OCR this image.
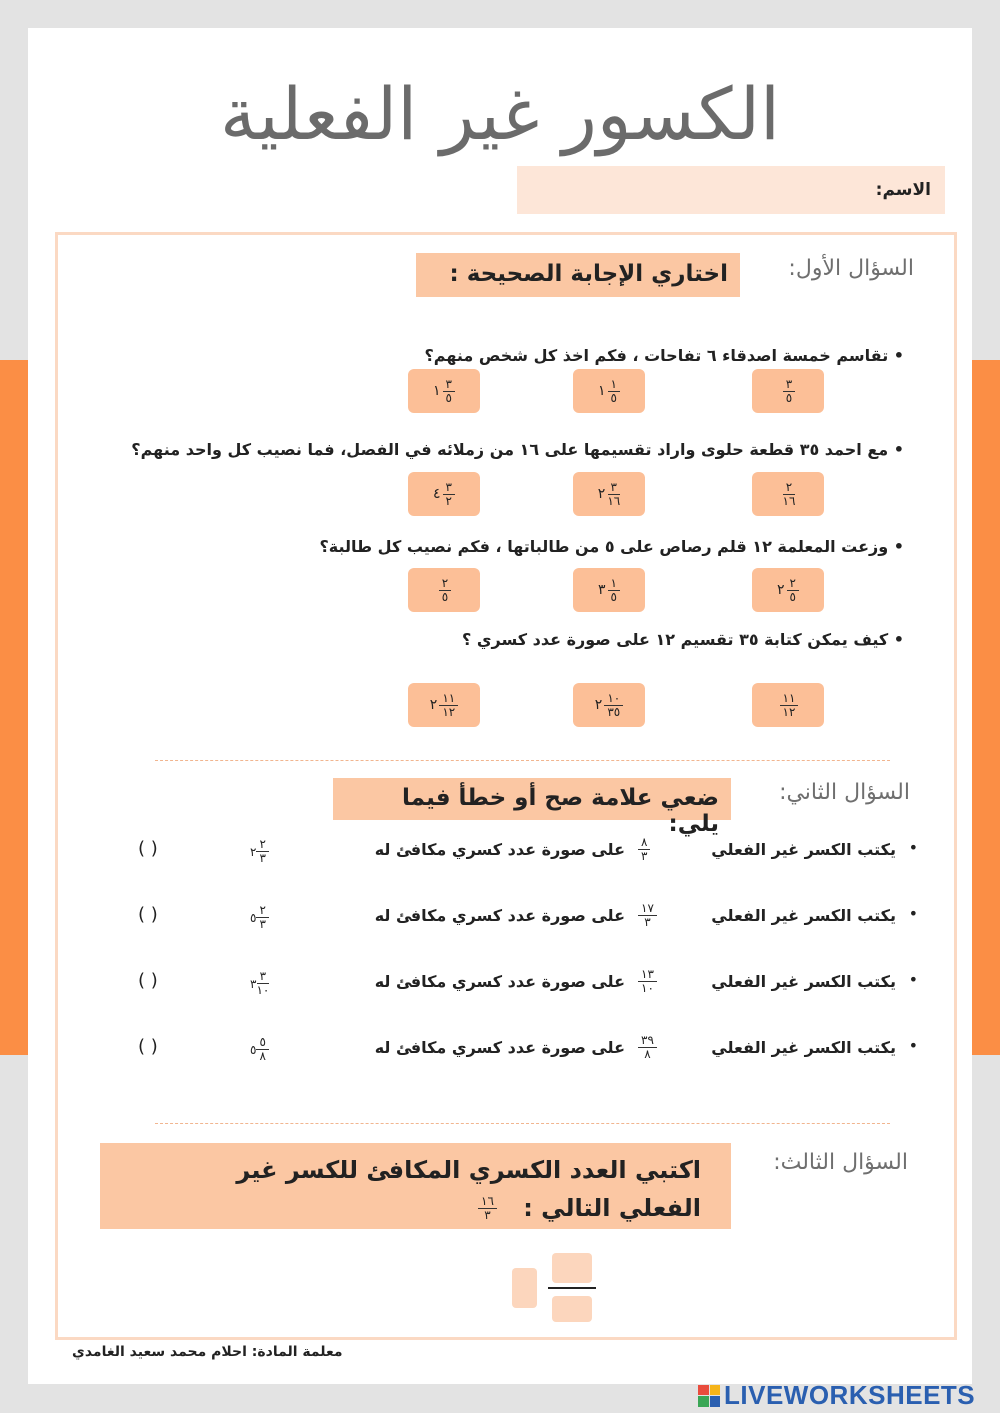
الكسور غير الفعلية
الاسم:
السؤال الأول:
اختاري الإجابة الصحيحة :
• تقاسم خمسة اصدقاء ٦ تفاحات ، فكم اخذ كل شخص منهم؟
$\frac{٣}{٥}$
١ $\frac{١}{٥}$
١ $\frac{٣}{٥}$
• مع احمد ٣٥ قطعة حلوى واراد تقسيمها على ١٦ من زملائه في الفصل، فما نصيب كل واحد منهم؟
$\frac{٢}{١٦}$
٢ $\frac{٣}{١٦}$
٤ $\frac{٣}{٢}$
• وزعت المعلمة ١٢ قلم رصاص على ٥ من طالباتها ، فكم نصيب كل طالبة؟
٢ $\frac{٢}{٥}$
٣ $\frac{١}{٥}$
$\frac{٢}{٥}$
• كيف يمكن كتابة ٣٥ تقسيم ١٢ على صورة عدد كسري ؟
$\frac{١١}{١٢}$
٢ $\frac{١٠}{٣٥}$
٢ $\frac{١١}{١٢}$
السؤال الثاني:
ضعي علامة صح أو خطأ فيما يلي:
•
يكتب الكسر غير الفعلي
٨
٣
على صورة عدد كسري مكافئ له
٢ $\frac{٢}{٣}$
( )
•
يكتب الكسر غير الفعلي
١٧
٣
على صورة عدد كسري مكافئ له
٥ $\frac{٢}{٣}$
( )
•
يكتب الكسر غير الفعلي
١٣
١٠
على صورة عدد كسري مكافئ له
٣ $\frac{٣}{١٠}$
( )
•
يكتب الكسر غير الفعلي
٣٩
٨
على صورة عدد كسري مكافئ له
٥ $\frac{٥}{٨}$
( )
السؤال الثالث:
اكتبي العدد الكسري المكافئ للكسر غير
الفعلي التالي :
$\frac{١٦}{٣}$
معلمة المادة: احلام محمد سعيد الغامدي
LIVEWORKSHEETS
